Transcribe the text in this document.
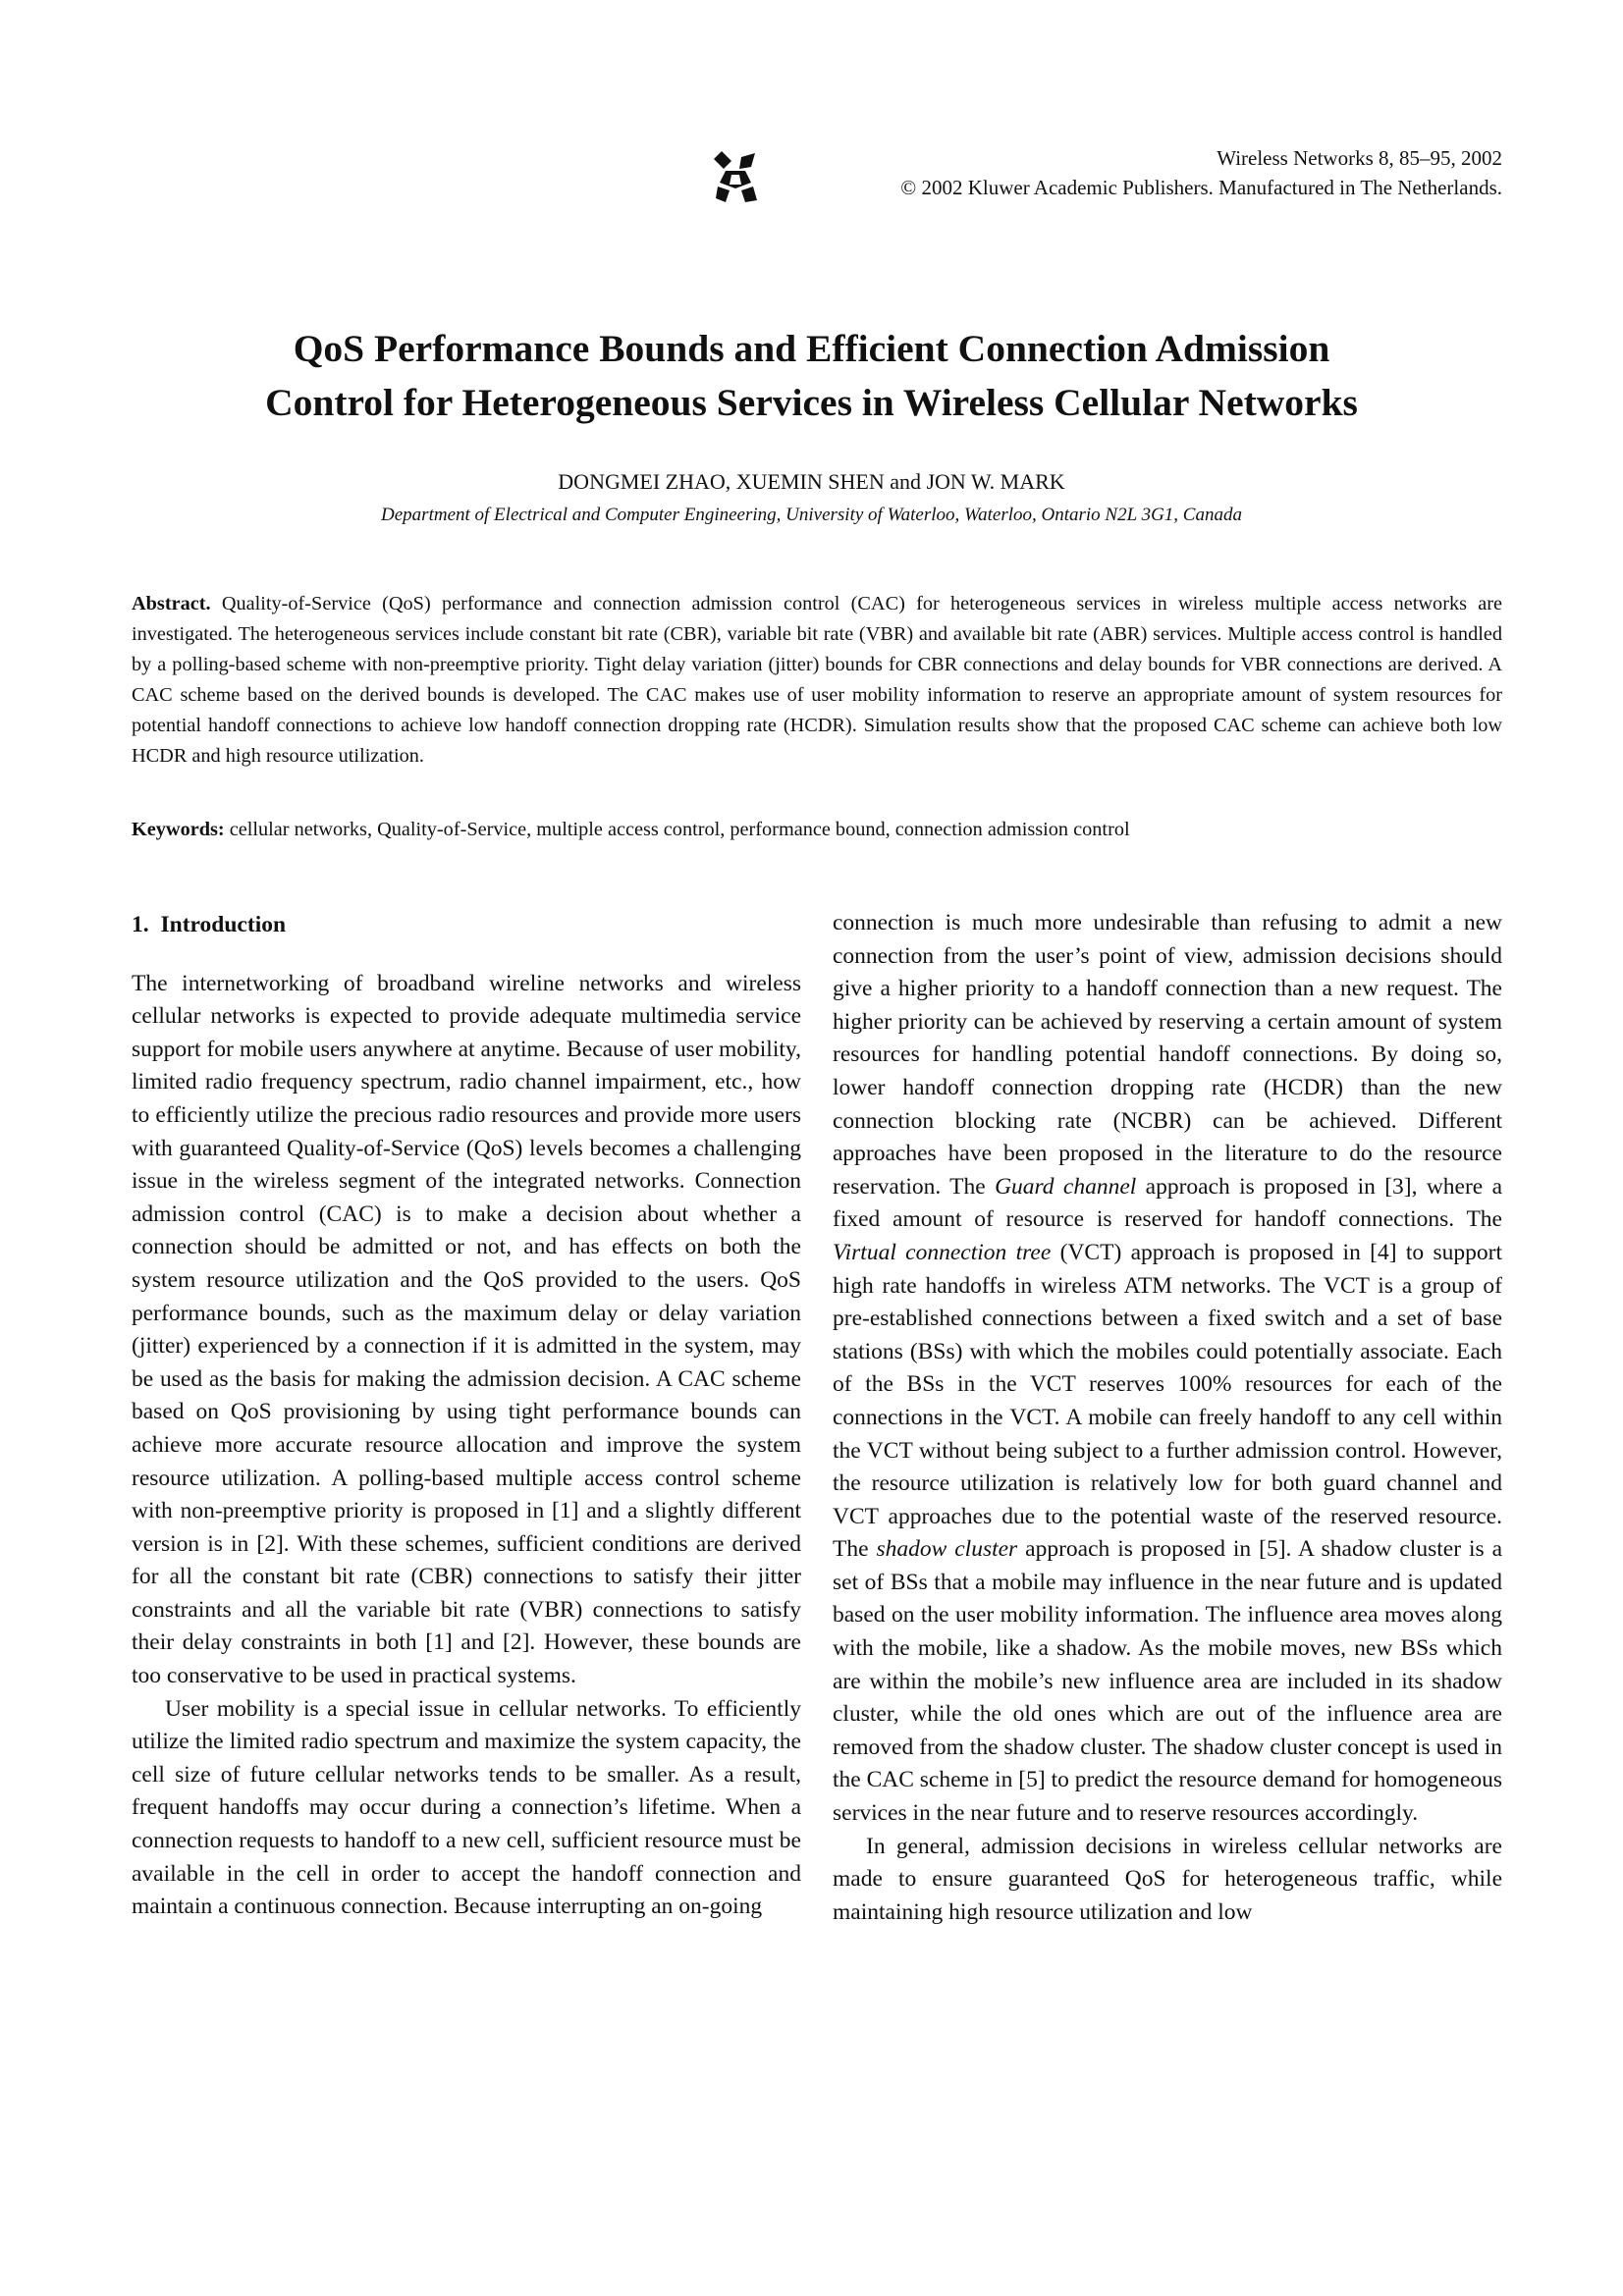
Wireless Networks 8, 85–95, 2002
© 2002 Kluwer Academic Publishers. Manufactured in The Netherlands.
QoS Performance Bounds and Efficient Connection Admission
Control for Heterogeneous Services in Wireless Cellular Networks
DONGMEI ZHAO, XUEMIN SHEN and JON W. MARK
Department of Electrical and Computer Engineering, University of Waterloo, Waterloo, Ontario N2L 3G1, Canada
Abstract. Quality-of-Service (QoS) performance and connection admission control (CAC) for heterogeneous services in wireless multiple access networks are investigated. The heterogeneous services include constant bit rate (CBR), variable bit rate (VBR) and available bit rate (ABR) services. Multiple access control is handled by a polling-based scheme with non-preemptive priority. Tight delay variation (jitter) bounds for CBR connections and delay bounds for VBR connections are derived. A CAC scheme based on the derived bounds is developed. The CAC makes use of user mobility information to reserve an appropriate amount of system resources for potential handoff connections to achieve low handoff connection dropping rate (HCDR). Simulation results show that the proposed CAC scheme can achieve both low HCDR and high resource utilization.
Keywords: cellular networks, Quality-of-Service, multiple access control, performance bound, connection admission control
1. Introduction

The internetworking of broadband wireline networks and wireless cellular networks is expected to provide adequate multimedia service support for mobile users anywhere at anytime. Because of user mobility, limited radio frequency spectrum, radio channel impairment, etc., how to efficiently utilize the precious radio resources and provide more users with guaranteed Quality-of-Service (QoS) levels becomes a challenging issue in the wireless segment of the integrated networks. Connection admission control (CAC) is to make a decision about whether a connection should be admitted or not, and has effects on both the system resource utilization and the QoS provided to the users. QoS performance bounds, such as the maximum delay or delay variation (jitter) experienced by a connection if it is admitted in the system, may be used as the basis for making the admission decision. A CAC scheme based on QoS provisioning by using tight performance bounds can achieve more accurate resource allocation and improve the system resource utilization. A polling-based multiple access control scheme with non-preemptive priority is proposed in [1] and a slightly different version is in [2]. With these schemes, sufficient conditions are derived for all the constant bit rate (CBR) connections to satisfy their jitter constraints and all the variable bit rate (VBR) connections to satisfy their delay constraints in both [1] and [2]. However, these bounds are too conservative to be used in practical systems.

User mobility is a special issue in cellular networks. To efficiently utilize the limited radio spectrum and maximize the system capacity, the cell size of future cellular networks tends to be smaller. As a result, frequent handoffs may occur during a connection’s lifetime. When a connection requests to handoff to a new cell, sufficient resource must be available in the cell in order to accept the handoff connection and maintain a continuous connection. Because interrupting an on-going

connection is much more undesirable than refusing to admit a new connection from the user’s point of view, admission decisions should give a higher priority to a handoff connection than a new request. The higher priority can be achieved by reserving a certain amount of system resources for handling potential handoff connections. By doing so, lower handoff connection dropping rate (HCDR) than the new connection blocking rate (NCBR) can be achieved. Different approaches have been proposed in the literature to do the resource reservation. The Guard channel approach is proposed in [3], where a fixed amount of resource is reserved for handoff connections. The Virtual connection tree (VCT) approach is proposed in [4] to support high rate handoffs in wireless ATM networks. The VCT is a group of pre-established connections between a fixed switch and a set of base stations (BSs) with which the mobiles could potentially associate. Each of the BSs in the VCT reserves 100% resources for each of the connections in the VCT. A mobile can freely handoff to any cell within the VCT without being subject to a further admission control. However, the resource utilization is relatively low for both guard channel and VCT approaches due to the potential waste of the reserved resource. The shadow cluster approach is proposed in [5]. A shadow cluster is a set of BSs that a mobile may influence in the near future and is updated based on the user mobility information. The influence area moves along with the mobile, like a shadow. As the mobile moves, new BSs which are within the mobile’s new influence area are included in its shadow cluster, while the old ones which are out of the influence area are removed from the shadow cluster. The shadow cluster concept is used in the CAC scheme in [5] to predict the resource demand for homogeneous services in the near future and to reserve resources accordingly.

In general, admission decisions in wireless cellular networks are made to ensure guaranteed QoS for heterogeneous traffic, while maintaining high resource utilization and low
